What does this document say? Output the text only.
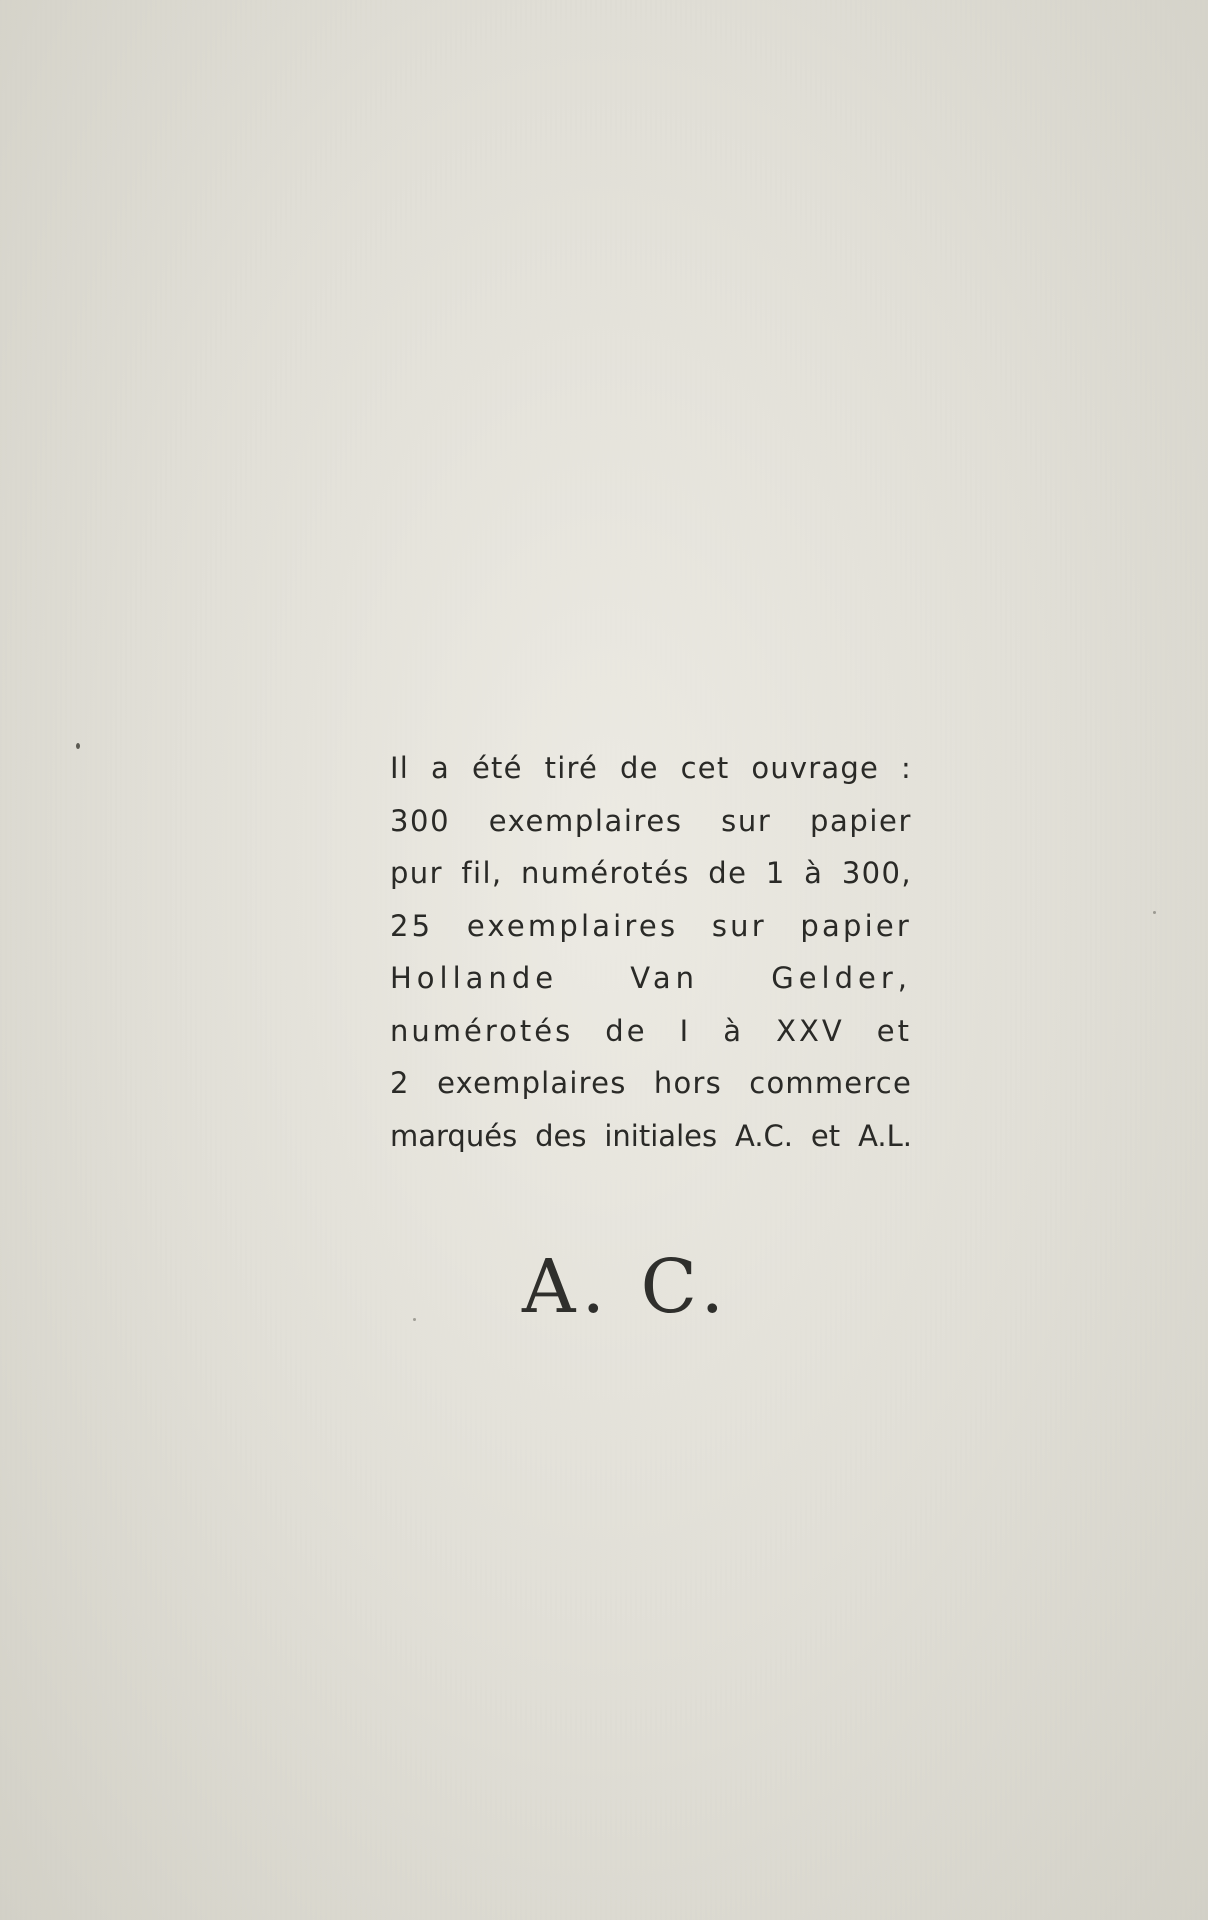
Il a été tiré de cet ouvrage :
300 exemplaires sur papier
pur fil, numérotés de 1 à 300,
25 exemplaires sur papier
Hollande Van Gelder,
numérotés de I à XXV et
2 exemplaires hors commerce
marqués des initiales A.C. et A.L.
A. C.
